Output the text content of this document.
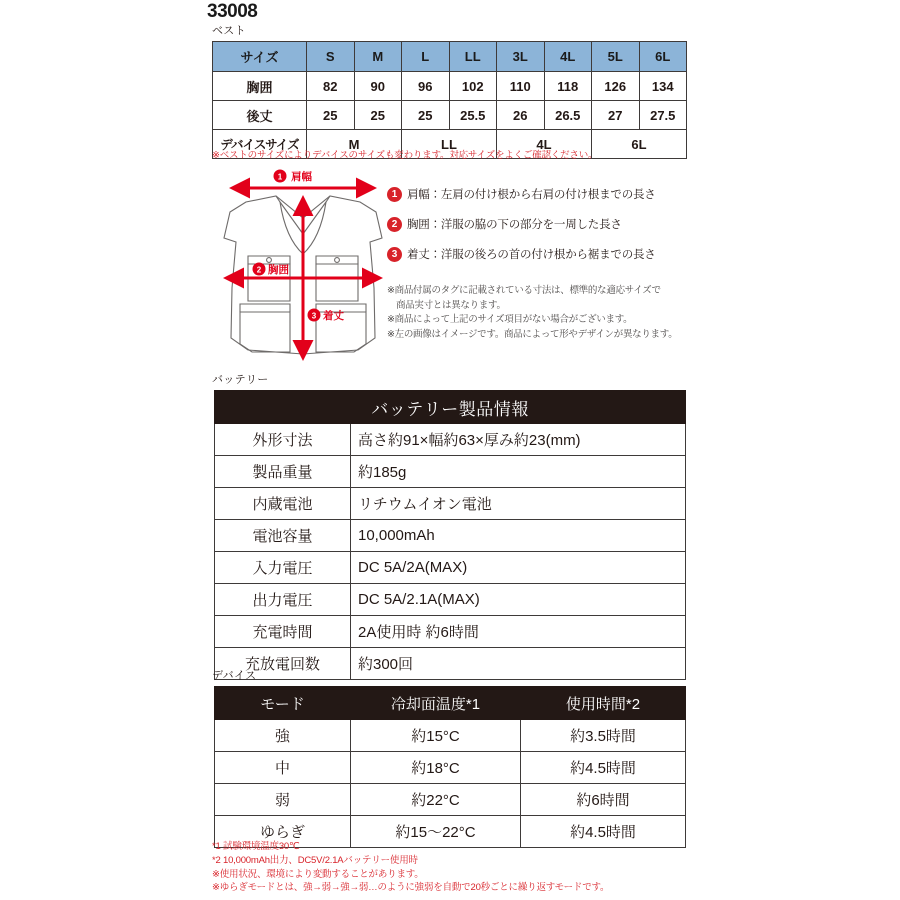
33008
ベスト
サイズ	S	M	L	LL	3L	4L	5L	6L
胸囲	82	90	96	102	110	118	126	134
後丈	25	25	25	25.5	26	26.5	27	27.5
デバイスサイズ	M		LL		4L		6L	
※ベストのサイズによりデバイスのサイズも変わります。対応サイズをよくご確認ください。
1 肩幅
2 胸囲
3 着丈
1 肩幅：左肩の付け根から右肩の付け根までの長さ
2 胸囲：洋服の脇の下の部分を一周した長さ
3 着丈：洋服の後ろの首の付け根から裾までの長さ
※商品付属のタグに記載されている寸法は、標準的な適応サイズで
商品実寸とは異なります。
※商品によって上記のサイズ項目がない場合がございます。
※左の画像はイメージです。商品によって形やデザインが異なります。
バッテリー
バッテリー製品情報	
外形寸法	高さ約91×幅約63×厚み約23(mm)
製品重量	約185g
内蔵電池	リチウムイオン電池
電池容量	10,000mAh
入力電圧	DC 5A/2A(MAX)
出力電圧	DC 5A/2.1A(MAX)
充電時間	2A使用時 約6時間
充放電回数	約300回
デバイス
モード	冷却面温度*1	使用時間*2
強	約15°C	約3.5時間
中	約18°C	約4.5時間
弱	約22°C	約6時間
ゆらぎ	約15〜22°C	約4.5時間
*1 試験環境温度30℃
*2 10,000mAh出力、DC5V/2.1Aバッテリー使用時
※使用状況、環境により変動することがあります。
※ゆらぎモードとは、強→弱→強→弱…のように強弱を自動で20秒ごとに繰り返すモードです。
